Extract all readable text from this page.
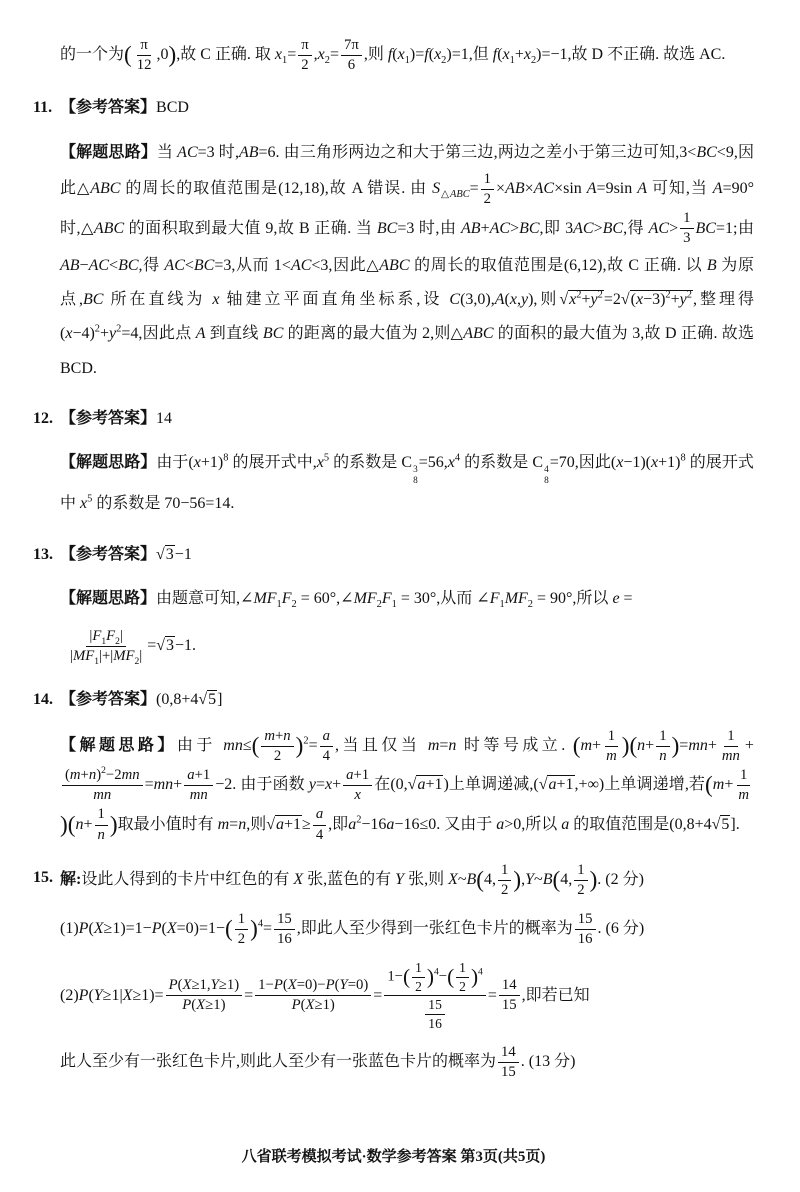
的一个为( $\frac{\pi}{12} ,0$),故 C 正确. 取 $x_1= \frac{\pi}{2} ,x_2= \frac{7\pi}{6}$ ,则 $f(x_1)=f(x_2)=1$,但 $f(x_1+x_2)=-1$,故 D 不正确. 故选 AC.
11. 【参考答案】BCD
【解题思路】当 AC=3 时,AB=6. 由三角形两边之和大于第三边,两边之差小于第三边可知,3<BC<9,因此△ABC 的周长的取值范围是(12,18),故 A 错误. 由 $S_{\triangle ABC}= \frac{1}{2} \times AB\times AC\times\sin$ A=9sin A 可知,当 A=90°时,△ABC 的面积取到最大值 9,故 B 正确. 当 BC=3 时,由 AB+AC>BC,即 3AC>BC,得 $AC> \frac{1}{3} BC=1$;由 AB−AC<BC,得 AC<BC=3,从而 1<AC<3,因此△ABC 的周长的取值范围是(6,12),故 C 正确. 以 B 为原点,BC 所在直线为 x 轴建立平面直角坐标系,设 C(3,0),A(x,y),则$√x^2+y^2=2√(x-3)^2+y^2$,整理得$(x-4)^2+y^2=4$,因此点 A 到直线 BC 的距离的最大值为 2,则△ABC 的面积的最大值为 3,故 D 正确. 故选 BCD.
12. 【参考答案】14
【解题思路】由于$(x+1)^8$ 的展开式中$,x^5$ 的系数是 C 3
8
$=56,x^4$ 的系数是 C 4
8
=70,因此$(x-1)(x+1)^8$ 的展开式中 $x^5$ 的系数是 70−56=14.
13. 【参考答案】√3−1
【解题思路】由题意可知$,\angle MF_1F_2$ = $60^\circ,\angle MF_2F_1 = 30^\circ$,从而 $\angle F_1MF_2 = 90^\circ$,所以 e =
$\frac{|F_1F_2|}{|MF_1|+|MF_2|} =√3-1$.
14. 【参考答案】(0,8+4√5]
【解题思路】由于 $mn\le( \frac{m+n}{2} )^2= \frac{a}{4}$ ,当且仅当 m=n 时等号成立. $(m+ \frac{1}{m} )(n+ \frac{1}{n} )=mn+ \frac{1}{mn}$ +
$\frac{(m+n)^2-2mn}{mn} =mn+ \frac{a+1}{mn} -2$. 由于函数 $y=x+ \frac{a+1}{x}$ 在(0,√a+1)上单调递减,(√a+1,+∞)上单调递增,若($m+ \frac{1}{m}$
)($n+ \frac{1}{n}$ )取最小值时有 m=n,则$√a+1\ge \frac{a}{4}$ ,即$a^2-16a-16\le 0$. 又由于 a>0,所以 a 的取值范围是(0,8+4√5].
15. 解:设此人得到的卡片中红色的有 X 张,蓝色的有 Y 张,则 X~B(4, $\frac{1}{2}$ ),Y~B(4, $\frac{1}{2}$ ). (2 分)
$(1)P(X\ge 1)=1-P(X=0)=1-( \frac{1}{2} )^4= \frac{15}{16}$ ,即此人至少得到一张红色卡片的概率为 $\frac{15}{16}$ . (6 分)
$(2)P(Y\ge 1|X\ge 1)= \frac{P(X\ge 1,Y\ge 1)}{P(X\ge 1)} = \frac{1-P(X=0)-P(Y=0)}{P(X\ge 1)} = \frac{1-( \frac{1}{2} )^4-( \frac{1}{2} )^4}{\frac{15}{16}} = \frac{14}{15}$ ,即若已知
此人至少有一张红色卡片,则此人至少有一张蓝色卡片的概率为 $\frac{14}{15}$ . (13 分)
八省联考模拟考试·数学参考答案 第3页(共5页)
